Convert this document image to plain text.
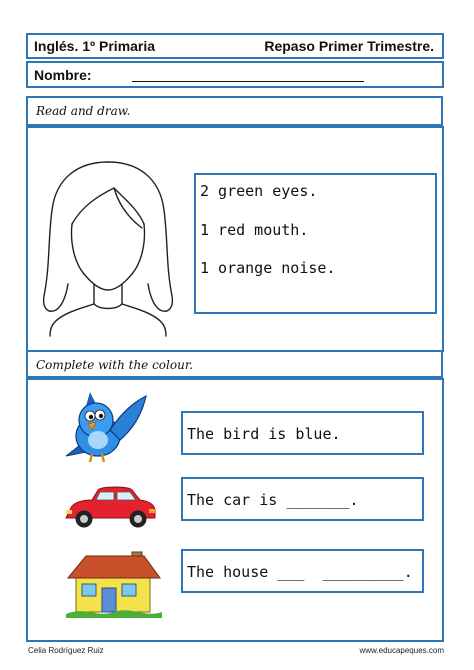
Inglés. 1º Primaria	Repaso Primer Trimestre.
Nombre:
Read and draw.
2 green eyes.
1 red mouth.
1 orange noise.
Complete with the colour.
The bird is blue.
The car is _______.
The house ___  _________.
Celia Rodríguez Ruiz	www.educapeques.com
